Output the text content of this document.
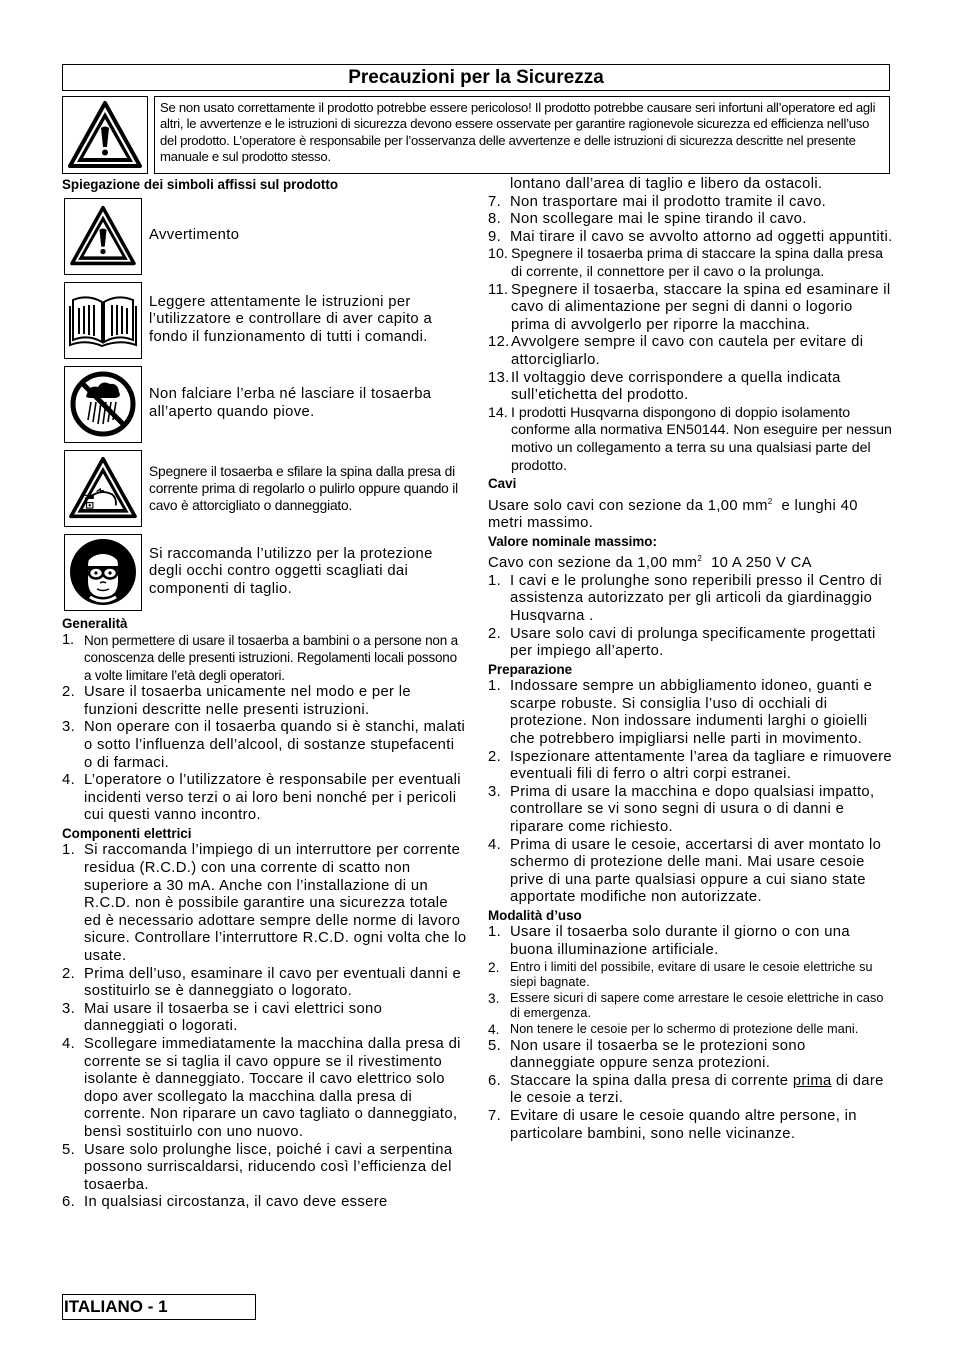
Precauzioni per la Sicurezza
Se non usato correttamente il prodotto potrebbe essere pericoloso! Il prodotto potrebbe causare seri infortuni all’operatore ed agli altri, le avvertenze e le istruzioni di sicurezza devono essere osservate per garantire ragionevole sicurezza ed efficienza nell’uso del prodotto. L’operatore è responsabile per l’osservanza delle avvertenze e delle istruzioni di sicurezza descritte nel presente manuale e sul prodotto stesso.
Spiegazione dei simboli affissi sul prodotto
Avvertimento
Leggere attentamente le istruzioni per l’utilizzatore e controllare di aver capito a fondo il funzionamento di tutti i comandi.
Non falciare l’erba né lasciare il tosaerba all’aperto quando piove.
Spegnere il tosaerba e sfilare la spina dalla presa di corrente prima di regolarlo o pulirlo oppure quando il cavo è attorcigliato o danneggiato.
Si raccomanda l’utilizzo per la protezione degli occhi contro oggetti scagliati dai componenti di taglio.
Generalità
1. Non permettere di usare il tosaerba a bambini o a persone non a conoscenza delle presenti istruzioni. Regolamenti locali possono a volte limitare l’età degli operatori.
2. Usare il tosaerba unicamente nel modo e per le funzioni descritte nelle presenti istruzioni.
3. Non operare con il tosaerba quando si è stanchi, malati o sotto l’influenza dell’alcool, di sostanze stupefacenti o di farmaci.
4. L’operatore o l’utilizzatore è responsabile per eventuali incidenti verso terzi o ai loro beni nonché per i pericoli cui questi vanno incontro.
Componenti elettrici
1. Si raccomanda l’impiego di un interruttore per corrente residua (R.C.D.) con una corrente di scatto non superiore a 30 mA. Anche con l’installazione di un R.C.D. non è possibile garantire una sicurezza totale ed è necessario adottare sempre delle norme di lavoro sicure. Controllare l’interruttore R.C.D. ogni volta che lo usate.
2. Prima dell’uso, esaminare il cavo per eventuali danni e sostituirlo se è danneggiato o logorato.
3. Mai usare il tosaerba se i cavi elettrici sono danneggiati o logorati.
4. Scollegare immediatamente la macchina dalla presa di corrente se si taglia il cavo oppure se il rivestimento isolante è danneggiato. Toccare il cavo elettrico solo dopo aver scollegato la macchina dalla presa di corrente. Non riparare un cavo tagliato o danneggiato, bensì sostituirlo con uno nuovo.
5. Usare solo prolunghe lisce, poiché i cavi a serpentina possono surriscaldarsi, riducendo così l’efficienza del tosaerba.
6. In qualsiasi circostanza, il cavo deve essere
lontano dall’area di taglio e libero da ostacoli.
7. Non trasportare mai il prodotto tramite il cavo.
8. Non scollegare mai le spine tirando il cavo.
9. Mai tirare il cavo se avvolto attorno ad oggetti appuntiti.
10. Spegnere il tosaerba prima di staccare la spina dalla presa di corrente, il connettore per il cavo o la prolunga.
11. Spegnere il tosaerba, staccare la spina ed esaminare il cavo di alimentazione per segni di danni o logorio prima di avvolgerlo per riporre la macchina.
12. Avvolgere sempre il cavo con cautela per evitare di attorcigliarlo.
13. Il voltaggio deve corrispondere a quella indicata sull’etichetta del prodotto.
14. I prodotti Husqvarna dispongono di doppio isolamento conforme alla normativa EN50144. Non eseguire per nessun motivo un collegamento a terra su una qualsiasi parte del prodotto.
Cavi
Usare solo cavi con sezione da 1,00 $mm^2$  e lunghi 40 metri massimo.
Valore nominale massimo:
Cavo con sezione da 1,00 $mm^2$  10 A 250 V CA
1. I cavi e le prolunghe sono reperibili presso il Centro di assistenza autorizzato per gli articoli da giardinaggio Husqvarna .
2. Usare solo cavi di prolunga specificamente progettati per impiego all’aperto.
Preparazione
1. Indossare sempre un abbigliamento idoneo, guanti e scarpe robuste. Si consiglia l’uso di occhiali di protezione. Non indossare indumenti larghi o gioielli che potrebbero impigliarsi nelle parti in movimento.
2. Ispezionare attentamente l’area da tagliare e rimuovere eventuali fili di ferro o altri corpi estranei.
3. Prima di usare la macchina e dopo qualsiasi impatto, controllare se vi sono segni di usura o di danni e riparare come richiesto.
4. Prima di usare le cesoie, accertarsi di aver montato lo schermo di protezione delle mani. Mai usare cesoie prive di una parte qualsiasi oppure a cui siano state apportate modifiche non autorizzate.
Modalità d’uso
1. Usare il tosaerba solo durante il giorno o con una buona illuminazione artificiale.
2. Entro i limiti del possibile, evitare di usare le cesoie elettriche su siepi bagnate.
3. Essere sicuri di sapere come arrestare le cesoie elettriche in caso di emergenza.
4. Non tenere le cesoie per lo schermo di protezione delle mani.
5. Non usare il tosaerba se le protezioni sono danneggiate oppure senza protezioni.
6. Staccare la spina dalla presa di corrente prima di dare le cesoie a terzi.
7. Evitare di usare le cesoie quando altre persone, in particolare bambini, sono nelle vicinanze.
ITALIANO - 1
